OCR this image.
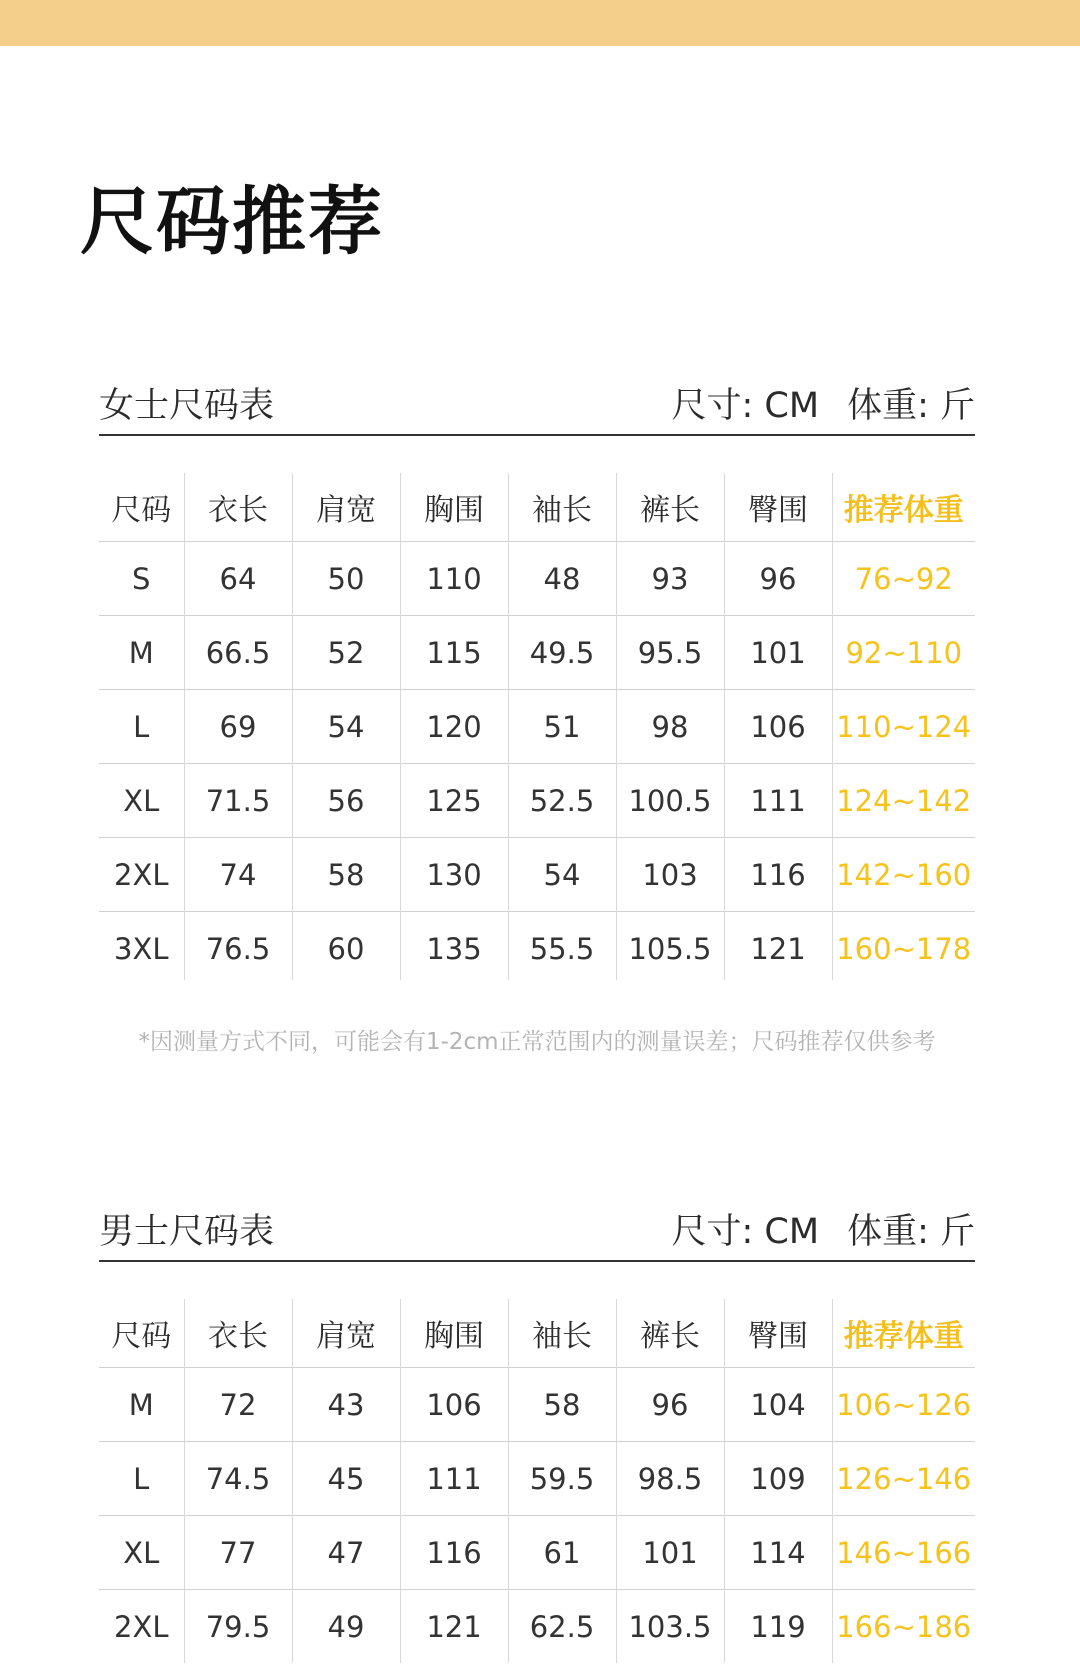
尺码推荐
女士尺码表	尺寸: CM 体重: 斤
尺码	衣长	肩宽	胸围	袖长	裤长	臀围	推荐体重
S	64	50	110	48	93	96	76~92
M	66.5	52	115	49.5	95.5	101	92~110
L	69	54	120	51	98	106	110~124
XL	71.5	56	125	52.5	100.5	111	124~142
2XL	74	58	130	54	103	116	142~160
3XL	76.5	60	135	55.5	105.5	121	160~178
*因测量方式不同，可能会有1-2cm正常范围内的测量误差；尺码推荐仅供参考
男士尺码表	尺寸: CM 体重: 斤
尺码	衣长	肩宽	胸围	袖长	裤长	臀围	推荐体重
M	72	43	106	58	96	104	106~126
L	74.5	45	111	59.5	98.5	109	126~146
XL	77	47	116	61	101	114	146~166
2XL	79.5	49	121	62.5	103.5	119	166~186
